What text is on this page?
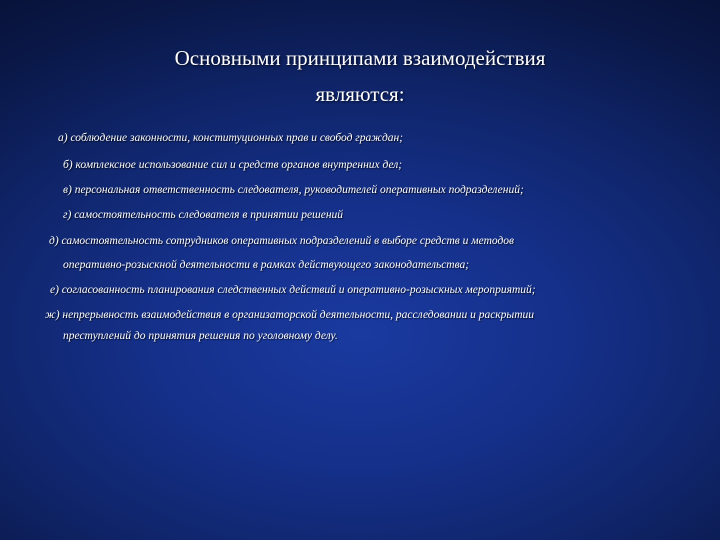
Основными принципами взаимодействия
являются:
а) соблюдение законности, конституционных прав и свобод граждан;
б) комплексное использование сил и средств органов внутренних дел;
в) персональная ответственность следователя, руководителей оперативных подразделений;
г) самостоятельность следователя в принятии решений
д) самостоятельность сотрудников оперативных подразделений в выборе средств и методов
оперативно-розыскной деятельности в рамках действующего законодательства;
е) согласованность планирования следственных действий и оперативно-розыскных мероприятий;
ж) непрерывность взаимодействия в организаторской деятельности, расследовании и раскрытии
преступлений до принятия решения по уголовному делу.
